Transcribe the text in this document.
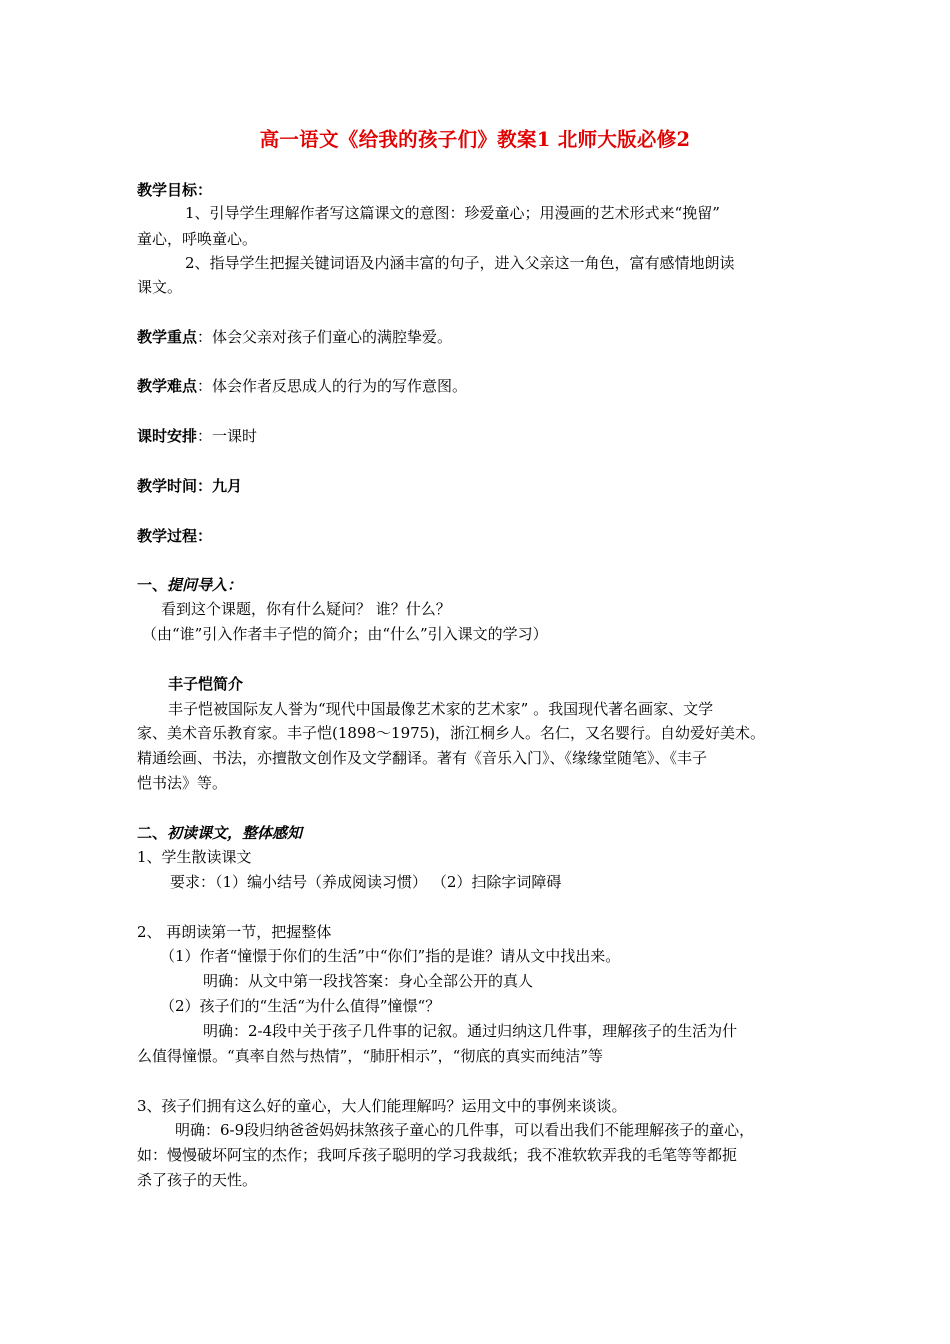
高一语文《给我的孩子们》教案1 北师大版必修2
教学目标：
1、引导学生理解作者写这篇课文的意图：珍爱童心；用漫画的艺术形式来“挽留”
童心，呼唤童心。
2、指导学生把握关键词语及内涵丰富的句子，进入父亲这一角色，富有感情地朗读
课文。
教学重点：体会父亲对孩子们童心的满腔挚爱。
教学难点：体会作者反思成人的行为的写作意图。
课时安排：一课时
教学时间：九月
教学过程：
一、提问导入：
看到这个课题，你有什么疑问？ 谁？什么？
（由“谁”引入作者丰子恺的简介；由“什么”引入课文的学习）
丰子恺简介
丰子恺被国际友人誉为“现代中国最像艺术家的艺术家” 。我国现代著名画家、文学
家、美术音乐教育家。丰子恺(1898～1975)，浙江桐乡人。名仁，又名婴行。自幼爱好美术。
精通绘画、书法，亦擅散文创作及文学翻译。著有《音乐入门》、《缘缘堂随笔》、《丰子
恺书法》等。
二、初读课文，整体感知
1、学生散读课文
要求：（1）编小结号（养成阅读习惯） （2）扫除字词障碍
2、 再朗读第一节，把握整体
（1）作者“憧憬于你们的生活”中“你们”指的是谁？请从文中找出来。
明确：从文中第一段找答案：身心全部公开的真人
（2）孩子们的“生活“为什么值得”憧憬“？
明确：2-4段中关于孩子几件事的记叙。通过归纳这几件事，理解孩子的生活为什
么值得憧憬。“真率自然与热情”，“肺肝相示”，“彻底的真实而纯洁”等
3、孩子们拥有这么好的童心，大人们能理解吗？运用文中的事例来谈谈。
明确：6-9段归纳爸爸妈妈抹煞孩子童心的几件事，可以看出我们不能理解孩子的童心，
如：慢慢破坏阿宝的杰作；我呵斥孩子聪明的学习我裁纸；我不准软软弄我的毛笔等等都扼
杀了孩子的天性。
